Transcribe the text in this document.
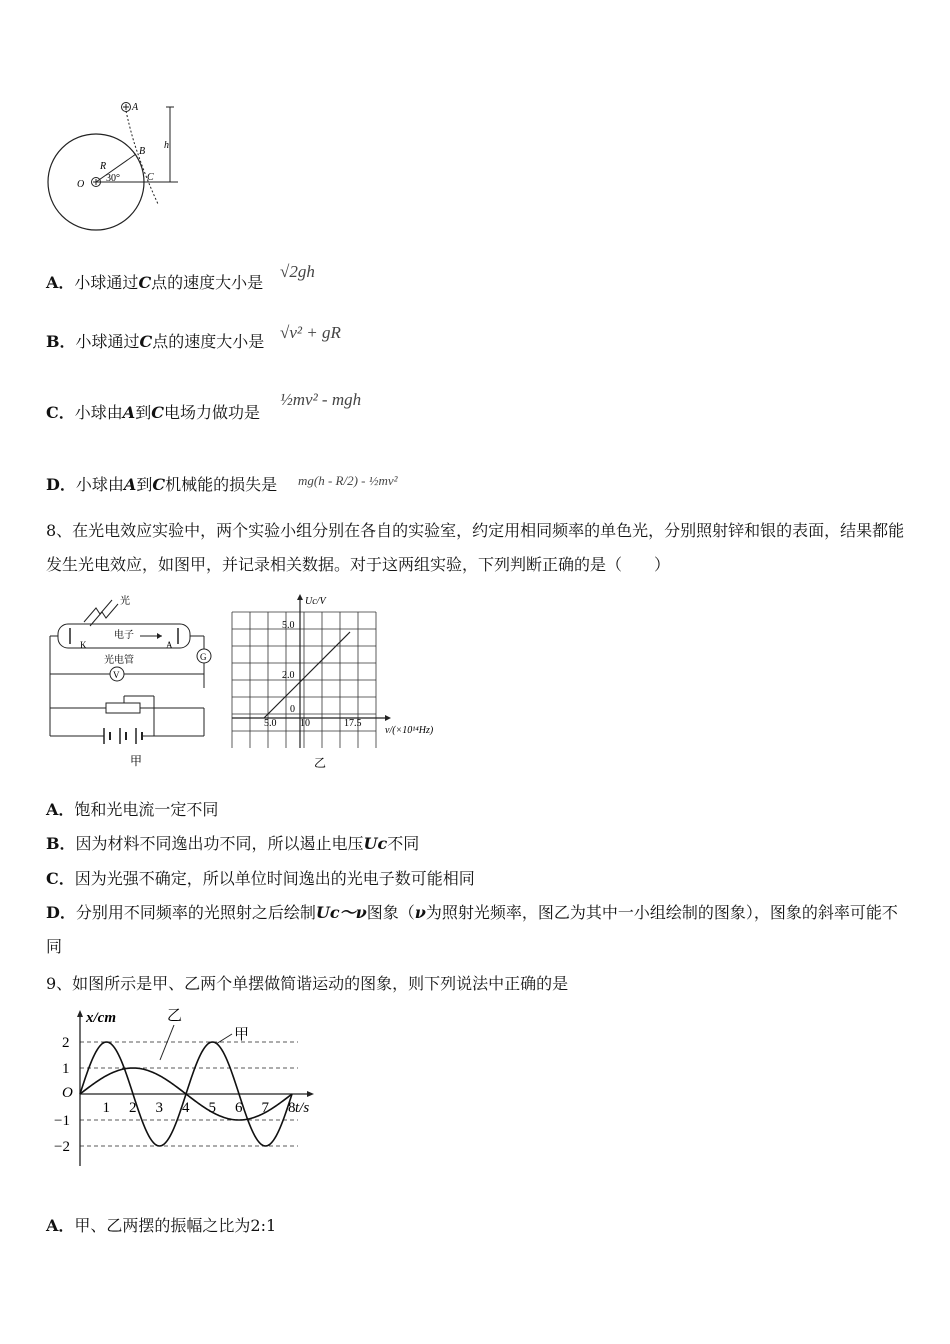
A
B
C
O
R
30°
h
A．小球通过C点的速度大小是
√2gh
B．小球通过C点的速度大小是 √v² + gR
C．小球由A到C电场力做功是
½mv² - mgh
D．小球由A到C机械能的损失是 mg(h - R/2) - ½mv²
8、在光电效应实验中，两个实验小组分别在各自的实验室，约定用相同频率的单色光，分别照射锌和银的表面，结果都能发生光电效应，如图甲，并记录相关数据。对于这两组实验，下列判断正确的是（　　）
光
电子
K	A
光电管	G
V
甲
Uc/V
5.0
2.0
0
5.0 10	17.5
ν/(×10¹⁴Hz)
乙
A．饱和光电流一定不同
B．因为材料不同逸出功不同，所以遏止电压Uc不同
C．因为光强不确定，所以单位时间逸出的光电子数可能相同
D．分别用不同频率的光照射之后绘制Uc～ν图象（ν为照射光频率，图乙为其中一小组绘制的图象），图象的斜率可能不同
9、如图所示是甲、乙两个单摆做简谐运动的图象，则下列说法中正确的是
1 2 3 4 5 6 7 8
2
1
O
−1
−2
x/cm
t/s
甲
乙
A．甲、乙两摆的振幅之比为2:1
